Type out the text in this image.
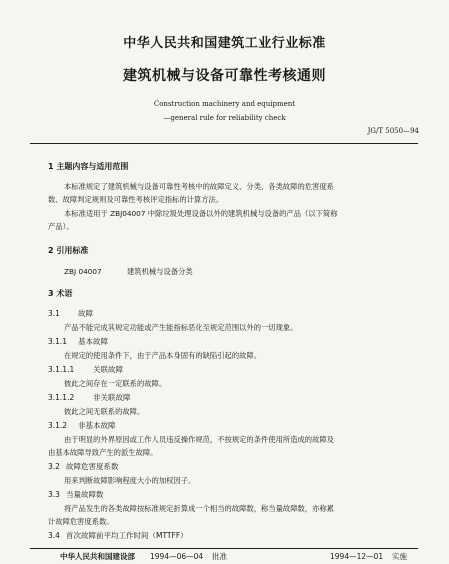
中华人民共和国建筑工业行业标准
建筑机械与设备可靠性考核通则
Construction machinery and equipment
—general rule for reliability check
JG/T 5050—94
1 主题内容与适用范围
本标准规定了建筑机械与设备可靠性考核中的故障定义、分类、各类故障的危害度系
数、故障判定规则及可靠性考核评定指标的计算方法。
本标准适用于 ZBJ04007 中除垃圾处理设备以外的建筑机械与设备的产品（以下简称
产品）。
2 引用标准
ZBJ 04007	建筑机械与设备分类
3 术语
3.1 故障
产品不能完成其规定功能或产生能指标恶化至规定范围以外的一切现象。
3.1.1 基本故障
在规定的使用条件下，由于产品本身固有的缺陷引起的故障。
3.1.1.1	关联故障
彼此之间存在一定联系的故障。
3.1.1.2	非关联故障
彼此之间无联系的故障。
3.1.2 非基本故障
由于明显的外界原因或工作人员违反操作规范，不按规定的条件使用所造成的故障及
由基本故障导致产生的派生故障。
3.2 故障危害度系数
用来判断故障影响程度大小的加权因子。
3.3 当量故障数
将产品发生的各类故障按标准规定折算成一个相当的故障数，称当量故障数，亦称累
计故障危害度系数。
3.4 首次故障前平均工作时间（MTTFF）
中华人民共和国建设部 1994—06—04 批准	1994—12—01 实施
